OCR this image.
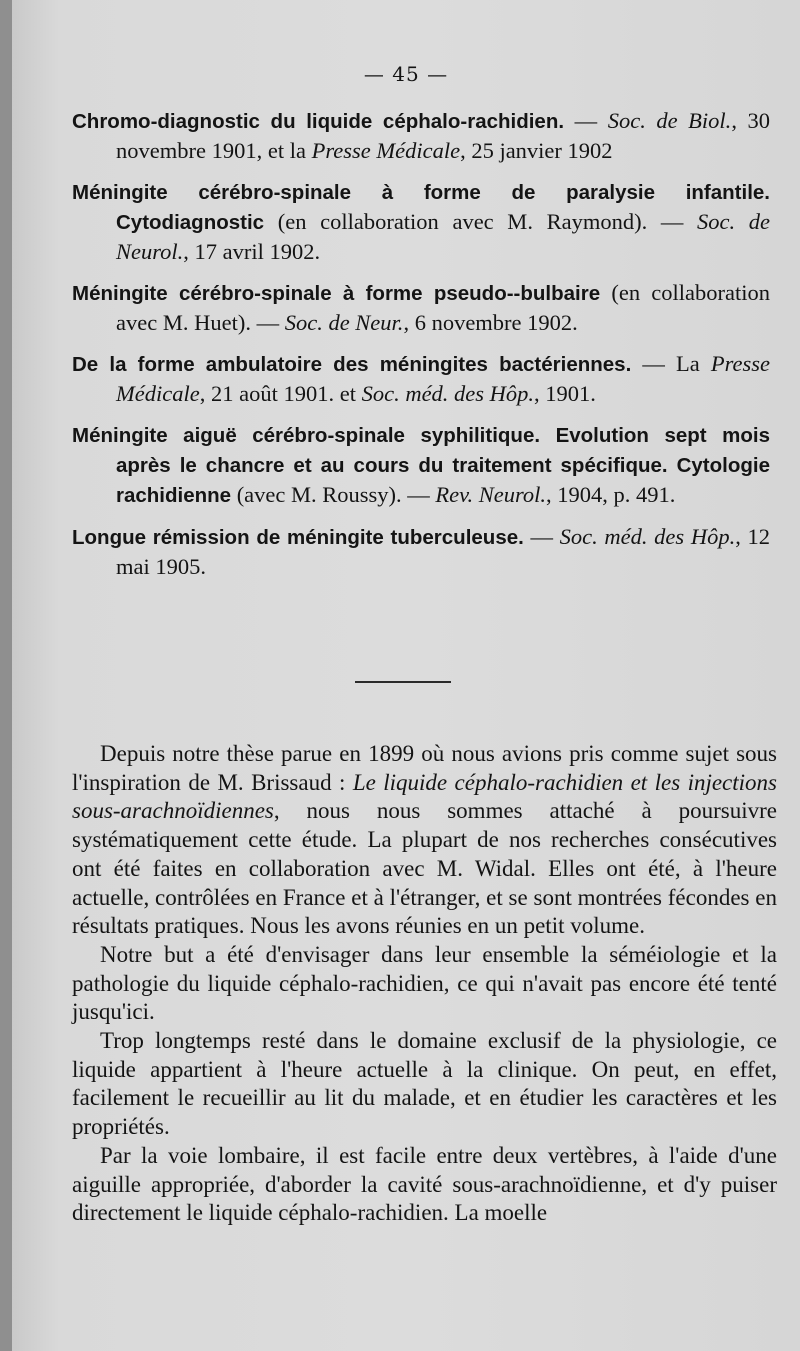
— 45 —
Chromo-diagnostic du liquide céphalo-rachidien. — Soc. de Biol., 30 novembre 1901, et la Presse Médicale, 25 janvier 1902
Méningite cérébro-spinale à forme de paralysie infantile. Cytodiagnostic (en collaboration avec M. Raymond). — Soc. de Neurol., 17 avril 1902.
Méningite cérébro-spinale à forme pseudo--bulbaire (en collaboration avec M. Huet). — Soc. de Neur., 6 novembre 1902.
De la forme ambulatoire des méningites bactériennes. — La Presse Médicale, 21 août 1901. et Soc. méd. des Hôp., 1901.
Méningite aiguë cérébro-spinale syphilitique. Evolution sept mois après le chancre et au cours du traitement spécifique. Cytologie rachidienne (avec M. Roussy). — Rev. Neurol., 1904, p. 491.
Longue rémission de méningite tuberculeuse. — Soc. méd. des Hôp., 12 mai 1905.

Depuis notre thèse parue en 1899 où nous avions pris comme sujet sous l'inspiration de M. Brissaud : Le liquide céphalo-rachidien et les injections sous-arachnoïdiennes, nous nous sommes attaché à poursuivre systématiquement cette étude. La plupart de nos recherches consécutives ont été faites en collaboration avec M. Widal. Elles ont été, à l'heure actuelle, contrôlées en France et à l'étranger, et se sont montrées fécondes en résultats pratiques. Nous les avons réunies en un petit volume.

Notre but a été d'envisager dans leur ensemble la séméiologie et la pathologie du liquide céphalo-rachidien, ce qui n'avait pas encore été tenté jusqu'ici.

Trop longtemps resté dans le domaine exclusif de la physiologie, ce liquide appartient à l'heure actuelle à la clinique. On peut, en effet, facilement le recueillir au lit du malade, et en étudier les caractères et les propriétés.

Par la voie lombaire, il est facile entre deux vertèbres, à l'aide d'une aiguille appropriée, d'aborder la cavité sous-arachnoïdienne, et d'y puiser directement le liquide céphalo-rachidien. La moelle
